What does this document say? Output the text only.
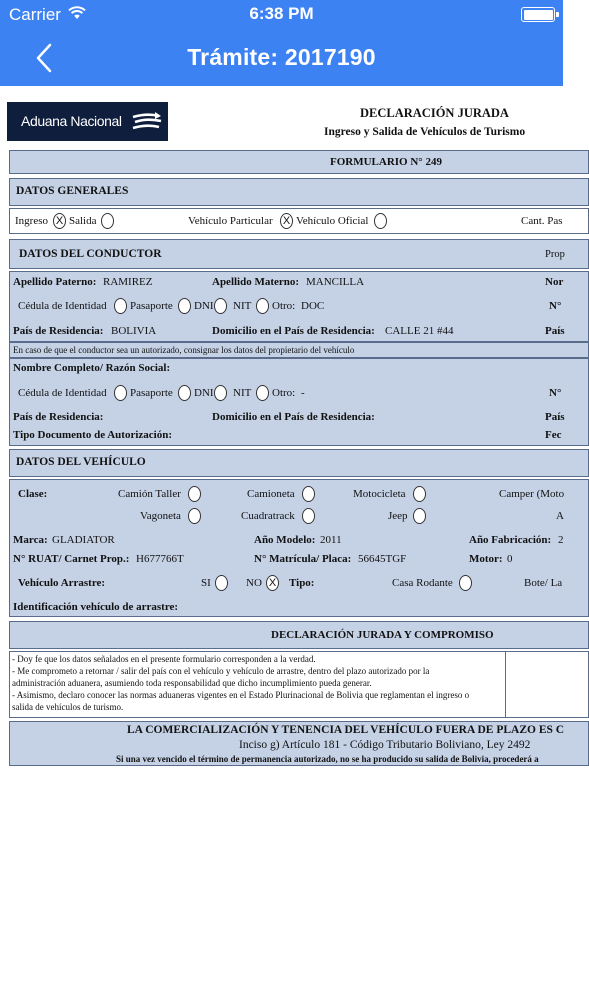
Carrier	6:38 PM
Trámite: 2017190
Aduana Nacional	DECLARACIÓN JURADA
Ingreso y Salida de Vehículos de Turismo
FORMULARIO N° 249
DATOS GENERALES
Ingreso X Salida	Vehículo Particular X Vehículo Oficial	Cant. Pas
DATOS DEL CONDUCTOR	Prop
Apellido Paterno: RAMIREZ	Apellido Materno: MANCILLA	Nor
Cédula de Identidad Pasaporte DNI NIT Otro: DOC	N°
País de Residencia: BOLIVIA	Domicilio en el País de Residencia: CALLE 21 #44	País
En caso de que el conductor sea un autorizado, consignar los datos del propietario del vehículo
Nombre Completo/ Razón Social:
Cédula de Identidad Pasaporte DNI NIT Otro: -	N°
País de Residencia:	Domicilio en el País de Residencia:	País
Tipo Documento de Autorización:	Fec
DATOS DEL VEHÍCULO
Clase:	Camión Taller	Camioneta	Motocicleta	Camper (Moto
Vagoneta	Cuadratrack	Jeep	A
Marca: GLADIATOR	Año Modelo: 2011	Año Fabricación: 2
N° RUAT/ Carnet Prop.: H677766T	N° Matrícula/ Placa: 56645TGF	Motor: 0
Vehículo Arrastre:	SI	NO X Tipo:	Casa Rodante	Bote/ La
Identificación vehículo de arrastre:
DECLARACIÓN JURADA Y COMPROMISO
- Doy fe que los datos señalados en el presente formulario corresponden a la verdad.
- Me comprometo a retornar / salir del país con el vehículo y vehículo de arrastre, dentro del plazo autorizado por la
administración aduanera, asumiendo toda responsabilidad que dicho incumplimiento pueda generar.
- Asimismo, declaro conocer las normas aduaneras vigentes en el Estado Plurinacional de Bolivia que reglamentan el ingreso o
salida de vehículos de turismo.
LA COMERCIALIZACIÓN Y TENENCIA DEL VEHÍCULO FUERA DE PLAZO ES C
Inciso g) Artículo 181 - Código Tributario Boliviano, Ley 2492
Si una vez vencido el término de permanencia autorizado, no se ha producido su salida de Bolivia, procederá a
